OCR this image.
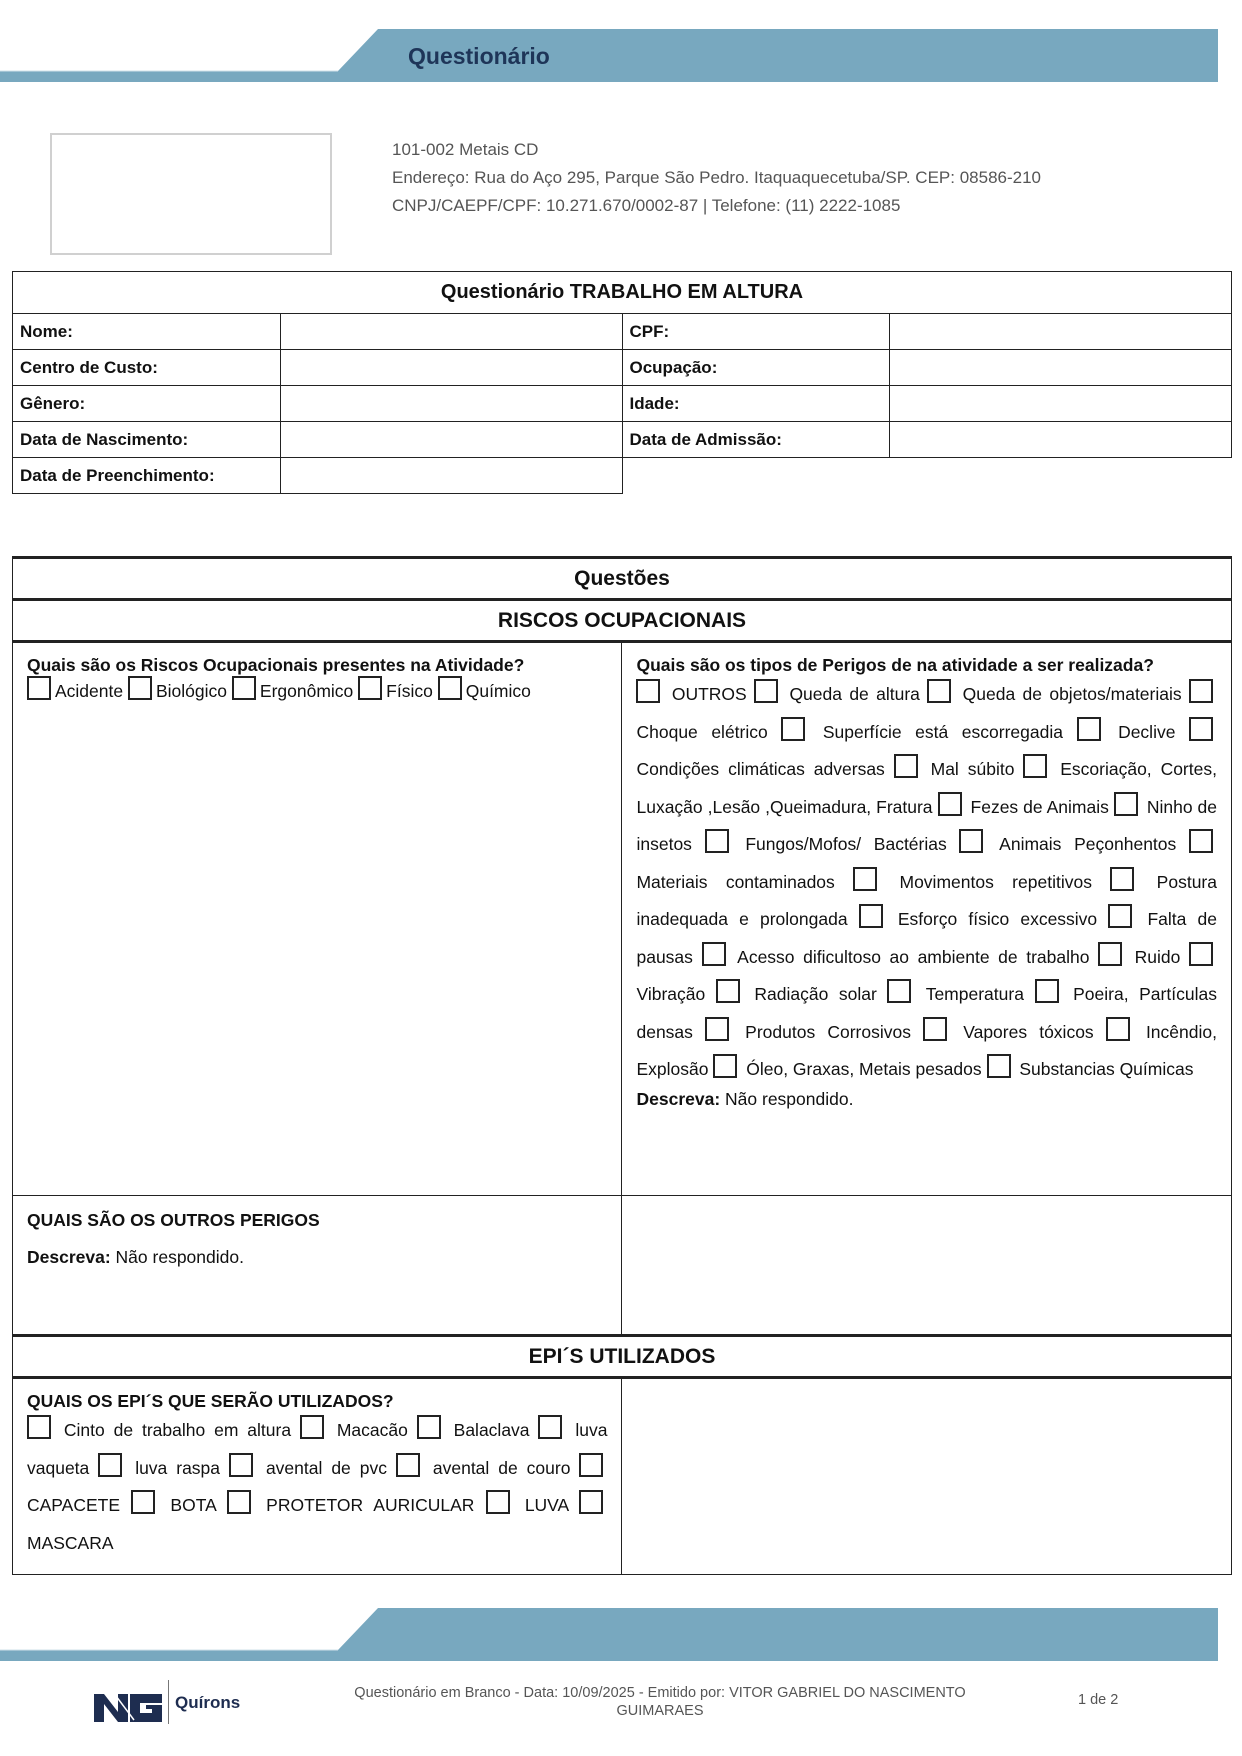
Questionário
101-002 Metais CD
Endereço: Rua do Aço 295, Parque São Pedro. Itaquaquecetuba/SP. CEP: 08586-210
CNPJ/CAEPF/CPF: 10.271.670/0002-87 | Telefone: (11) 2222-1085
Questionário TRABALHO EM ALTURA			
Nome:		CPF:	
Centro de Custo:		Ocupação:	
Gênero:		Idade:	
Data de Nascimento:		Data de Admissão:	
Data de Preenchimento:			
Questões	
RISCOS OCUPACIONAIS	

Quais são os Riscos Ocupacionais presentes na Atividade?
Acidente Biológico Ergonômico Físico Químico

Quais são os tipos de Perigos de na atividade a ser realizada?
OUTROS Queda de altura Queda de objetos/materiais  Choque elétrico	Superfície está escorregadia	Declive  Condições climáticas adversas	Mal súbito	Escoriação, Cortes, Luxação ,Lesão ,Queimadura, Fratura Fezes de Animais Ninho de insetos	Fungos/Mofos/ Bactérias	Animais Peçonhentos  Materiais contaminados	Movimentos repetitivos	Postura inadequada e prolongada	Esforço físico excessivo	Falta de pausas	Acesso dificultoso ao ambiente de trabalho	Ruido  Vibração	Radiação solar	Temperatura	Poeira, Partículas densas	Produtos Corrosivos	Vapores tóxicos	Incêndio, Explosão Óleo, Graxas, Metais pesados Substancias Químicas
Descreva: Não respondido.

QUAIS SÃO OS OUTROS PERIGOS
Descreva: Não respondido.	

EPI´S UTILIZADOS	

QUAIS OS EPI´S QUE SERÃO UTILIZADOS?
Cinto de trabalho em altura Macacão Balaclava luva vaqueta luva raspa avental de pvc avental de couro  CAPACETE BOTA PROTETOR AURICULAR LUVA  MASCARA	

Quírons	Questionário em Branco - Data: 10/09/2025 - Emitido por: VITOR GABRIEL DO NASCIMENTO GUIMARAES
1 de 2
